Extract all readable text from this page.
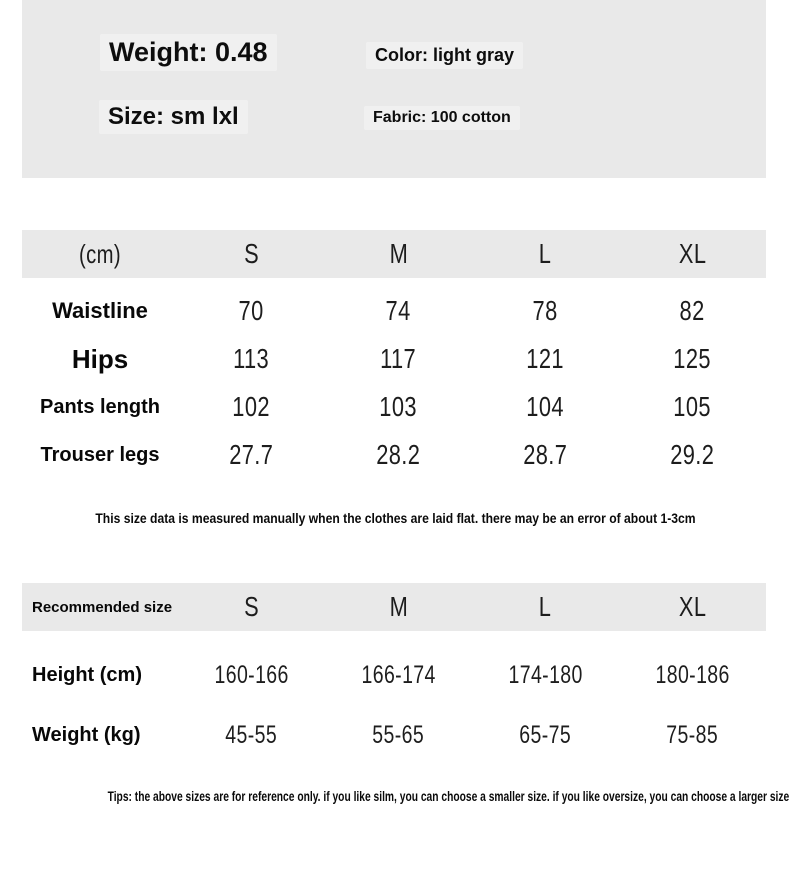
Weight: 0.48	Color: light gray
Size: sm lxl	Fabric: 100 cotton
(cm)	S	M	L	XL
Waistline	70	74	78	82
Hips	113	117	121	125
Pants length	102	103	104	105
Trouser legs	27.7	28.2	28.7	29.2
This size data is measured manually when the clothes are laid flat. there may be an error of about 1-3cm
Recommended size	S	M	L	XL
Height (cm)	160-166	166-174	174-180	180-186
Weight (kg)	45-55	55-65	65-75	75-85
Tips: the above sizes are for reference only. if you like silm, you can choose a smaller size. if you like oversize, you can choose a larger size
